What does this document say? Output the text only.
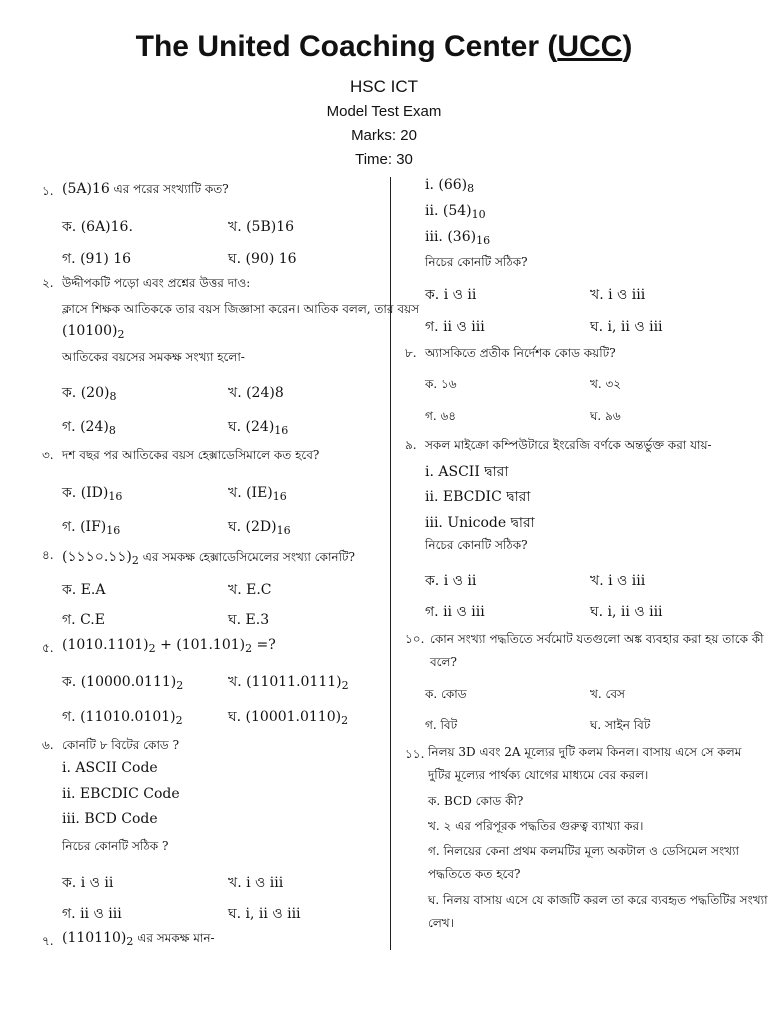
The United Coaching Center (UCC)
HSC ICT
Model Test Exam
Marks: 20
Time: 30
১. (5A)16 এর পরের সংখ্যাটি কত?
ক. (6A)16.	খ. (5B)16
গ. (91) 16	ঘ. (90) 16
২. উদ্দীপকটি পড়ো এবং প্রশ্নের উত্তর দাও:
ক্লাসে শিক্ষক আতিককে তার বয়স জিজ্ঞাসা করেন। আতিক বলল, তার বয়স
$(10100)_2$
আতিকের বয়সের সমকক্ষ সংখ্যা হলো-
ক. $(20)_8$	খ. (24)8
গ. $(24)_8$	ঘ. $(24)_{16}$
৩. দশ বছর পর আতিকের বয়স হেক্সাডেসিমালে কত হবে?
ক. $(ID)_{16}$	খ. $(IE)_{16}$
গ. $(IF)_{16}$	ঘ. $(2D)_{16}$
৪. $(১১১০.১১)_2$ এর সমকক্ষ হেক্সাডেসিমেলের সংখ্যা কোনটি?
ক. E.A	খ. E.C
গ. C.E	ঘ. E.3
৫. $(1010.1101)_2 + (101.101)_2$ =?
ক. $(10000.0111)_2$	খ. $(11011.0111)_2$
গ. $(11010.0101)_2$	ঘ. $(10001.0110)_2$
৬. কোনটি ৮ বিটের কোড ?
i. ASCII Code
ii. EBCDIC Code
iii. BCD Code
নিচের কোনটি সঠিক ?
ক. i ও ii	খ. i ও iii
গ. ii ও iii	ঘ. i, ii ও iii
৭. $(110110)_2$ এর সমকক্ষ মান-
i. $(66)_8$
ii. $(54)_{10}$
iii. $(36)_{16}$
নিচের কোনটি সঠিক?
ক. i ও ii	খ. i ও iii
গ. ii ও iii	ঘ. i, ii ও iii
৮. অ্যাসকিতে প্রতীক নির্দেশক কোড কয়টি?
ক. ১৬	খ. ৩২
গ. ৬৪	ঘ. ৯৬
৯. সকল মাইক্রো কম্পিউটারে ইংরেজি বর্ণকে অন্তর্ভুক্ত করা যায়-
i. ASCII দ্বারা
ii. EBCDIC দ্বারা
iii. Unicode দ্বারা
নিচের কোনটি সঠিক?
ক. i ও ii	খ. i ও iii
গ. ii ও iii	ঘ. i, ii ও iii
১০. কোন সংখ্যা পদ্ধতিতে সর্বমোট যতগুলো অঙ্ক ব্যবহার করা হয় তাকে কী
বলে?
ক. কোড	খ. বেস
গ. বিট	ঘ. সাইন বিট
১১. নিলয় 3D এবং 2A মূল্যের দুটি কলম কিনল। বাসায় এসে সে কলম
দুটির মূল্যের পার্থক্য যোগের মাধ্যমে বের করল।
ক. BCD কোড কী?
খ. ২ এর পরিপূরক পদ্ধতির গুরুত্ব ব্যাখ্যা কর।
গ. নিলয়ের কেনা প্রথম কলমটির মূল্য অকটাল ও ডেসিমেল সংখ্যা
পদ্ধতিতে কত হবে?
ঘ. নিলয় বাসায় এসে যে কাজটি করল তা করে ব্যবহৃত পদ্ধতিটির সংখ্যা
লেখ।
